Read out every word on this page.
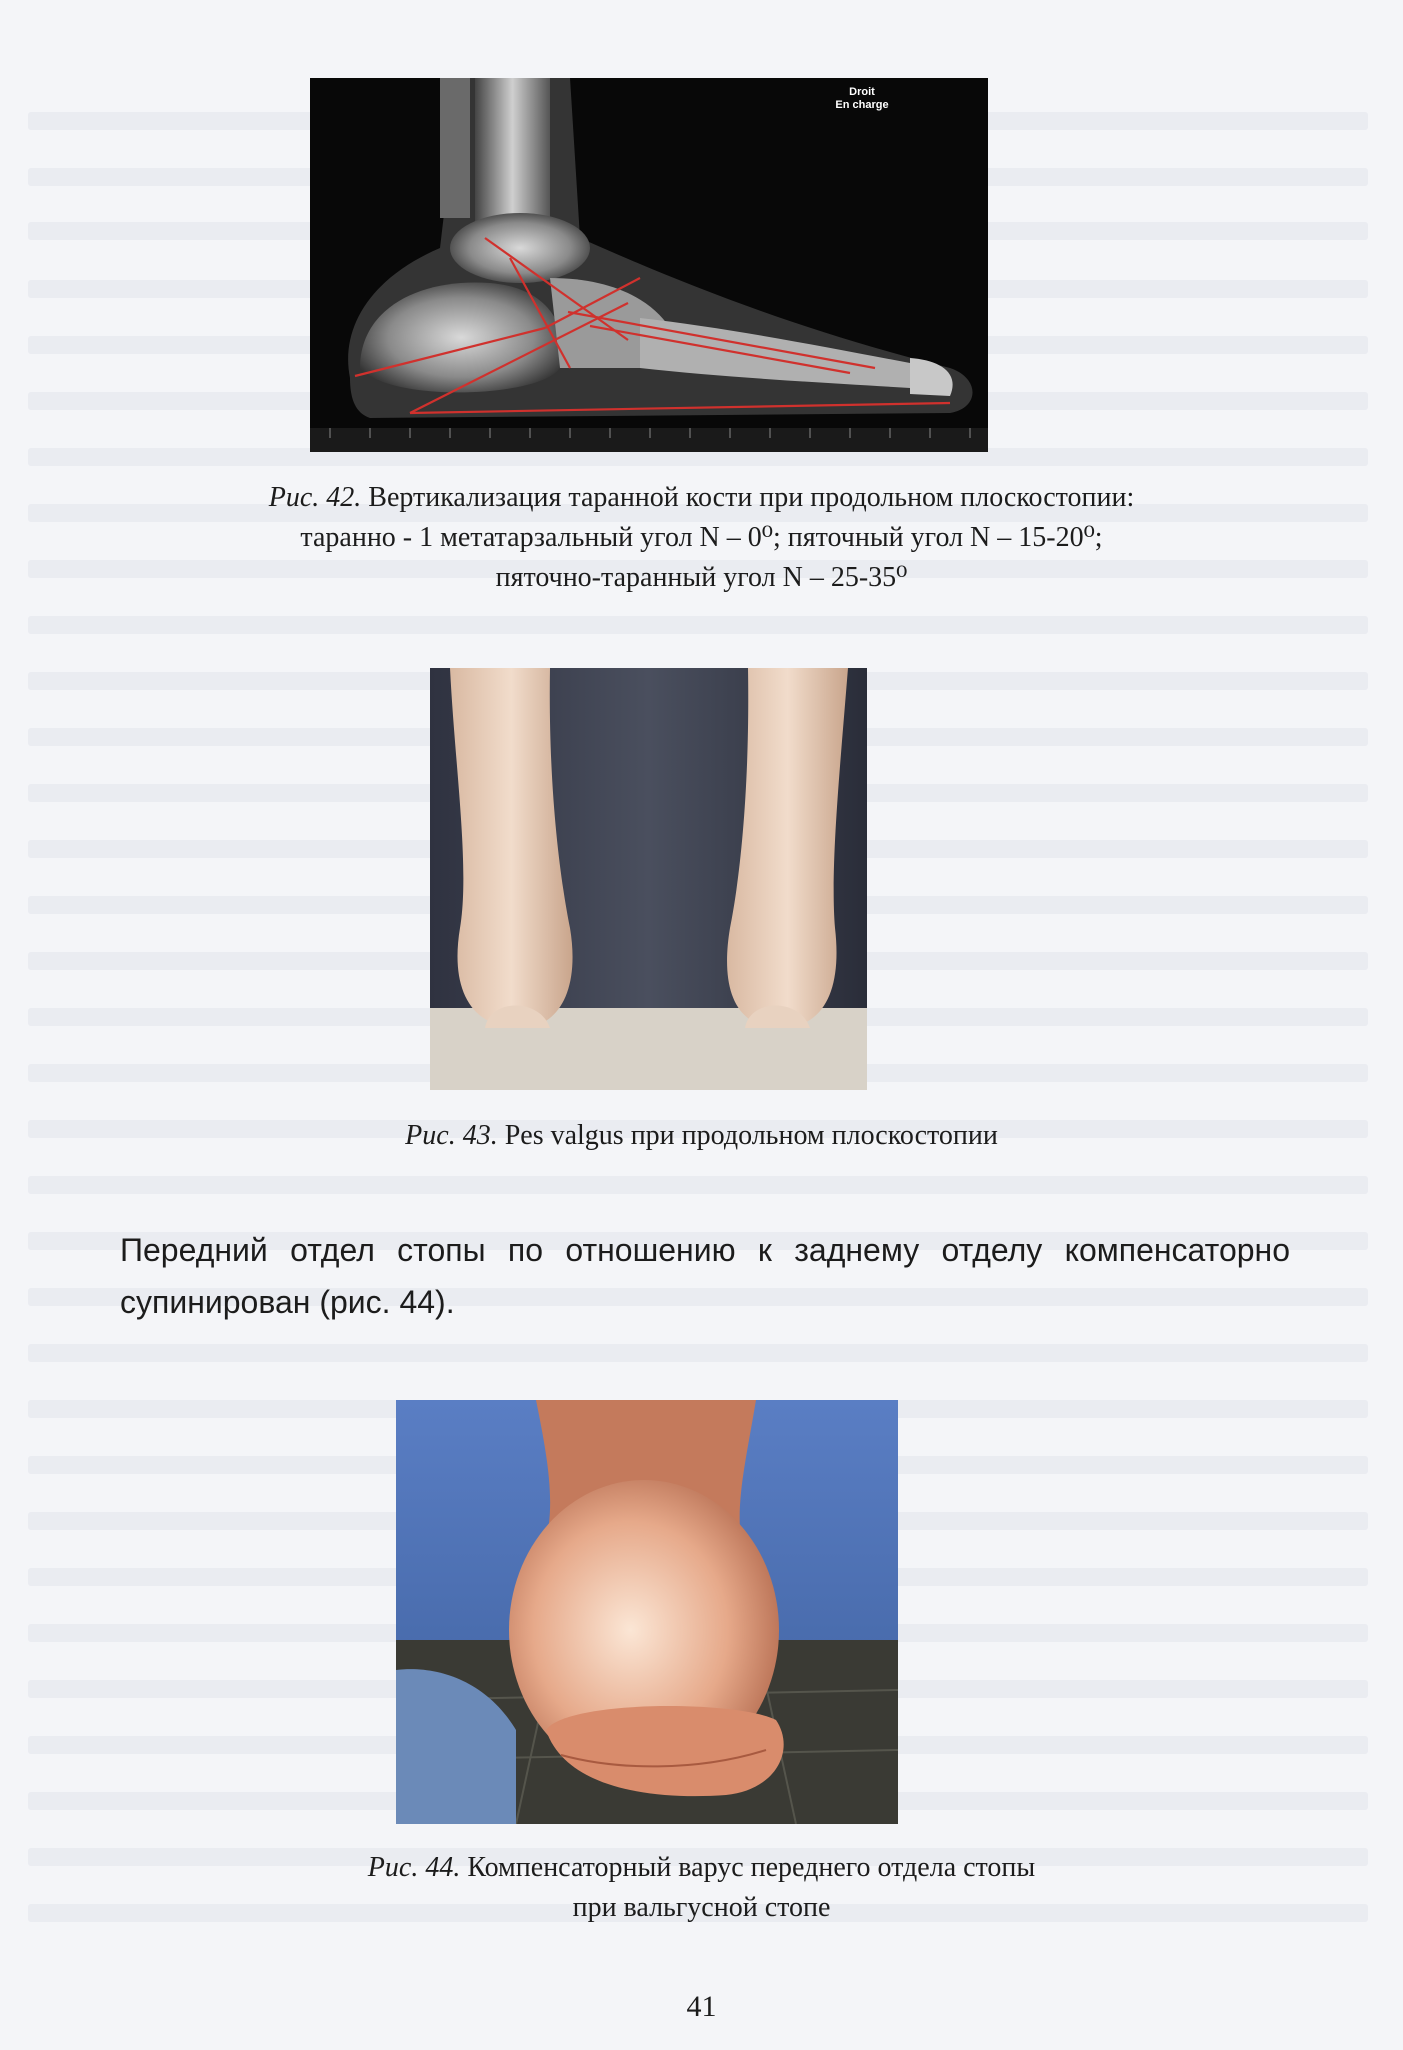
Droit
En charge
Рис. 42. Вертикализация таранной кости при продольном плоскостопии:
таранно - 1 метатарзальный угол N – 0⁰; пяточный угол N – 15-20⁰;
пяточно-таранный угол N – 25-35⁰
Рис. 43. Pes valgus при продольном плоскостопии
Передний отдел стопы по отношению к заднему отделу компенсаторно супинирован (рис. 44).
Рис. 44. Компенсаторный варус переднего отдела стопы
при вальгусной стопе
41
